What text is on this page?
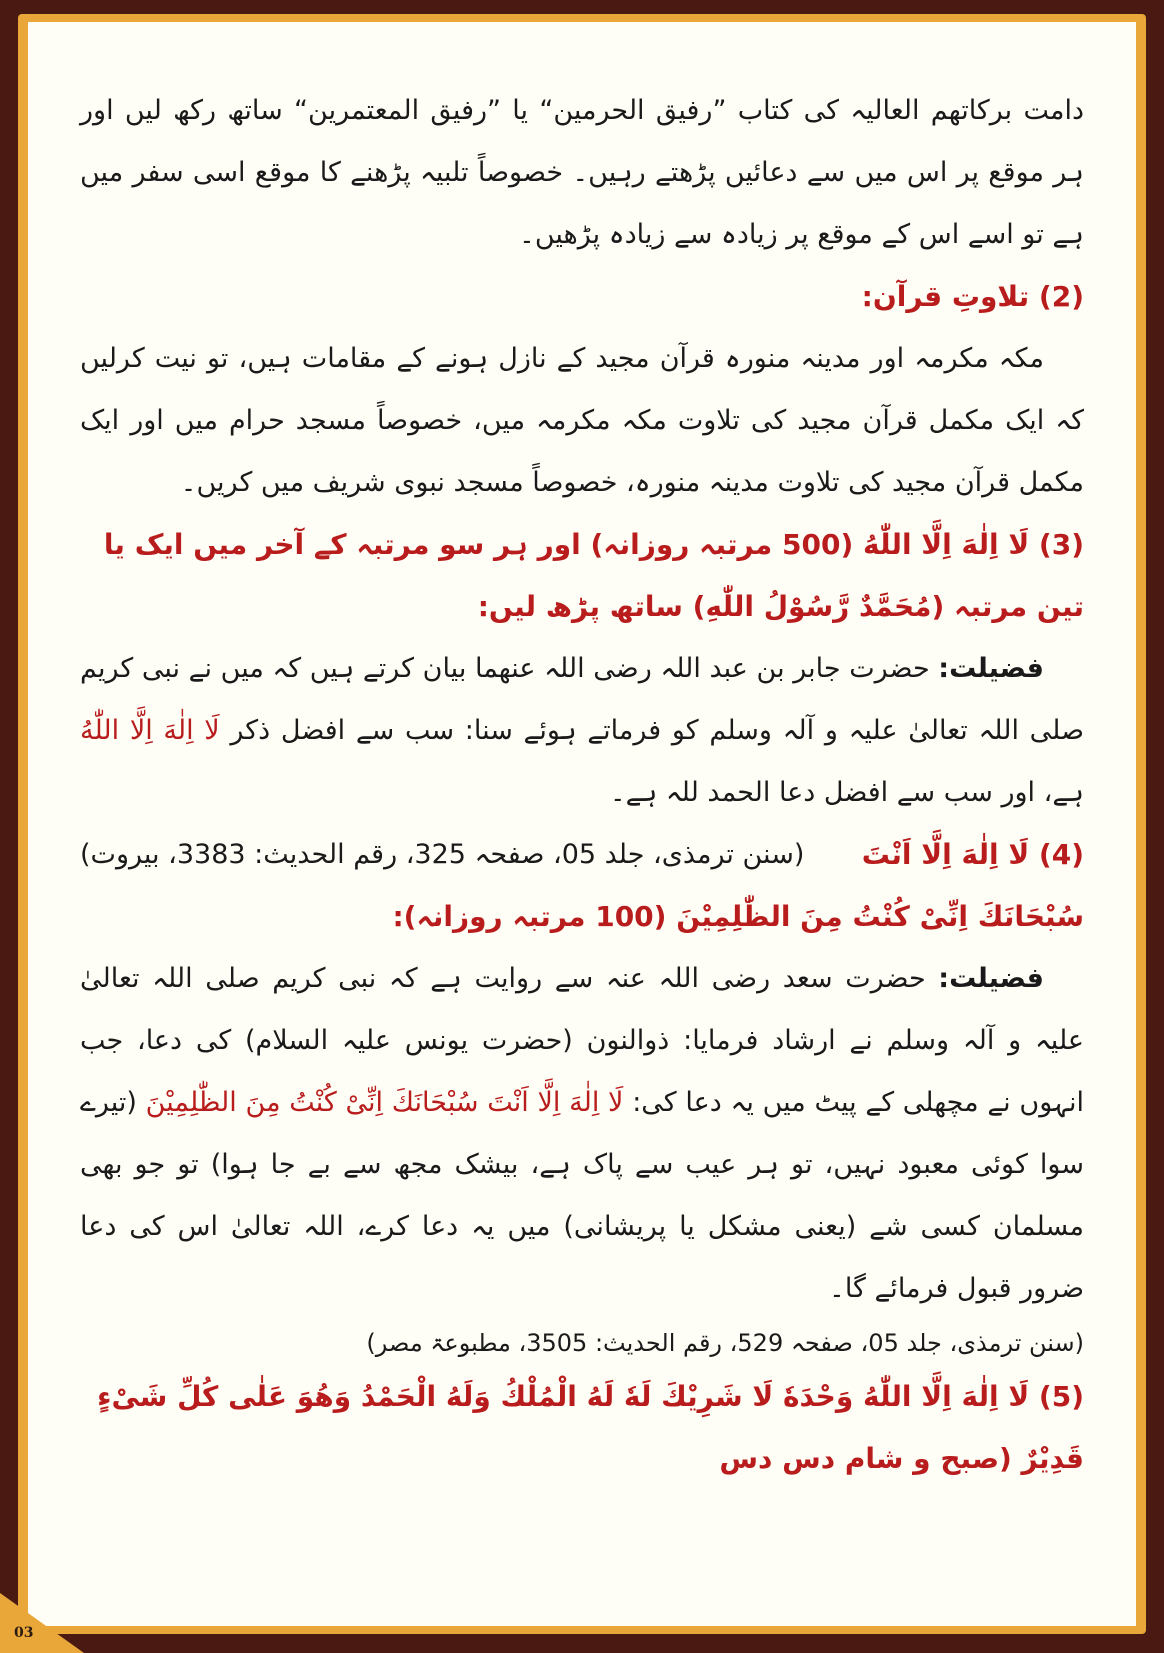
دامت برکاتھم العالیہ کی کتاب ”رفیق الحرمین“ یا ”رفیق المعتمرین“ ساتھ رکھ لیں اور ہر موقع پر اس میں سے دعائیں پڑھتے رہیں۔ خصوصاً تلبیہ پڑھنے کا موقع اسی سفر میں ہے تو اسے اس کے موقع پر زیادہ سے زیادہ پڑھیں۔

(2) تلاوتِ قرآن:

مکہ مکرمہ اور مدینہ منورہ قرآن مجید کے نازل ہونے کے مقامات ہیں، تو نیت کرلیں کہ ایک مکمل قرآن مجید کی تلاوت مکہ مکرمہ میں، خصوصاً مسجد حرام میں اور ایک مکمل قرآن مجید کی تلاوت مدینہ منورہ، خصوصاً مسجد نبوی شریف میں کریں۔

(3) لَا اِلٰهَ اِلَّا اللّٰهُ (500 مرتبہ روزانہ) اور ہر سو مرتبہ کے آخر میں ایک یا تین مرتبہ (مُحَمَّدٌ رَّسُوْلُ اللّٰهِ) ساتھ پڑھ لیں:

فضیلت: حضرت جابر بن عبد اللہ رضی اللہ عنھما بیان کرتے ہیں کہ میں نے نبی کریم صلی اللہ تعالیٰ علیہ و آلہ وسلم کو فرماتے ہوئے سنا: سب سے افضل ذکر لَا اِلٰهَ اِلَّا اللّٰهُ ہے، اور سب سے افضل دعا الحمد للہ ہے۔
(سنن ترمذی، جلد 05، صفحہ 325، رقم الحدیث: 3383، بیروت)	(4) لَا اِلٰهَ اِلَّا اَنْتَ سُبْحَانَكَ اِنِّیْ كُنْتُ مِنَ الظّٰلِمِیْنَ (100 مرتبہ روزانہ):

فضیلت: حضرت سعد رضی اللہ عنہ سے روایت ہے کہ نبی کریم صلی اللہ تعالیٰ علیہ و آلہ وسلم نے ارشاد فرمایا: ذوالنون (حضرت یونس علیہ السلام) کی دعا، جب انہوں نے مچھلی کے پیٹ میں یہ دعا کی: لَا اِلٰهَ اِلَّا اَنْتَ سُبْحَانَكَ اِنِّیْ كُنْتُ مِنَ الظّٰلِمِیْنَ (تیرے سوا کوئی معبود نہیں، تو ہر عیب سے پاک ہے، بیشک مجھ سے بے جا ہوا) تو جو بھی مسلمان کسی شے (یعنی مشکل یا پریشانی) میں یہ دعا کرے، اللہ تعالیٰ اس کی دعا ضرور قبول فرمائے گا۔

(سنن ترمذی، جلد 05، صفحہ 529، رقم الحدیث: 3505، مطبوعۃ مصر)

(5) لَا اِلٰهَ اِلَّا اللّٰهُ وَحْدَهٗ لَا شَرِیْكَ لَهٗ لَهُ الْمُلْكُ وَلَهُ الْحَمْدُ وَهُوَ عَلٰى كُلِّ شَیْءٍ قَدِیْرٌ (صبح و شام دس دس

03
